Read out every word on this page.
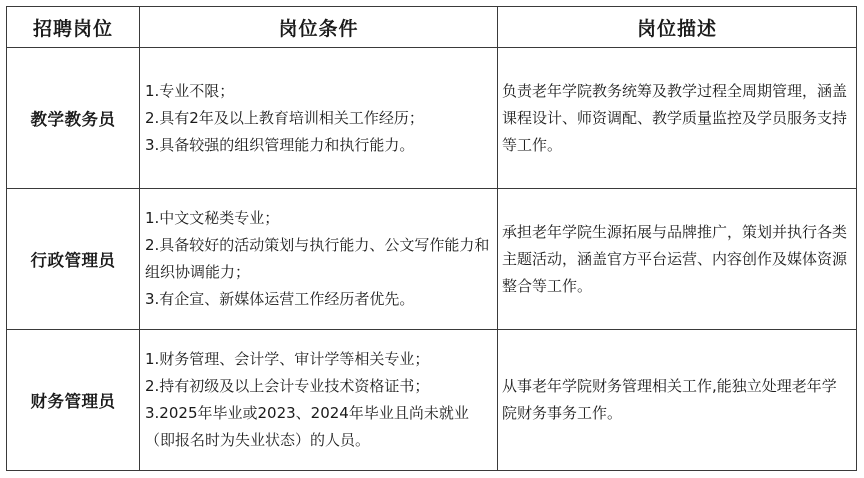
招聘岗位	岗位条件	岗位描述
教学教务员	1.专业不限；
2.具有2年及以上教育培训相关工作经历；
3.具备较强的组织管理能力和执行能力。	负责老年学院教务统筹及教学过程全周期管理，涵盖课程设计、师资调配、教学质量监控及学员服务支持等工作。
行政管理员	1.中文文秘类专业；
2.具备较好的活动策划与执行能力、公文写作能力和组织协调能力；
3.有企宣、新媒体运营工作经历者优先。	承担老年学院生源拓展与品牌推广，策划并执行各类主题活动，涵盖官方平台运营、内容创作及媒体资源整合等工作。
财务管理员	1.财务管理、会计学、审计学等相关专业；
2.持有初级及以上会计专业技术资格证书；
3.2025年毕业或2023、2024年毕业且尚未就业（即报名时为失业状态）的人员。	从事老年学院财务管理相关工作,能独立处理老年学院财务事务工作。
